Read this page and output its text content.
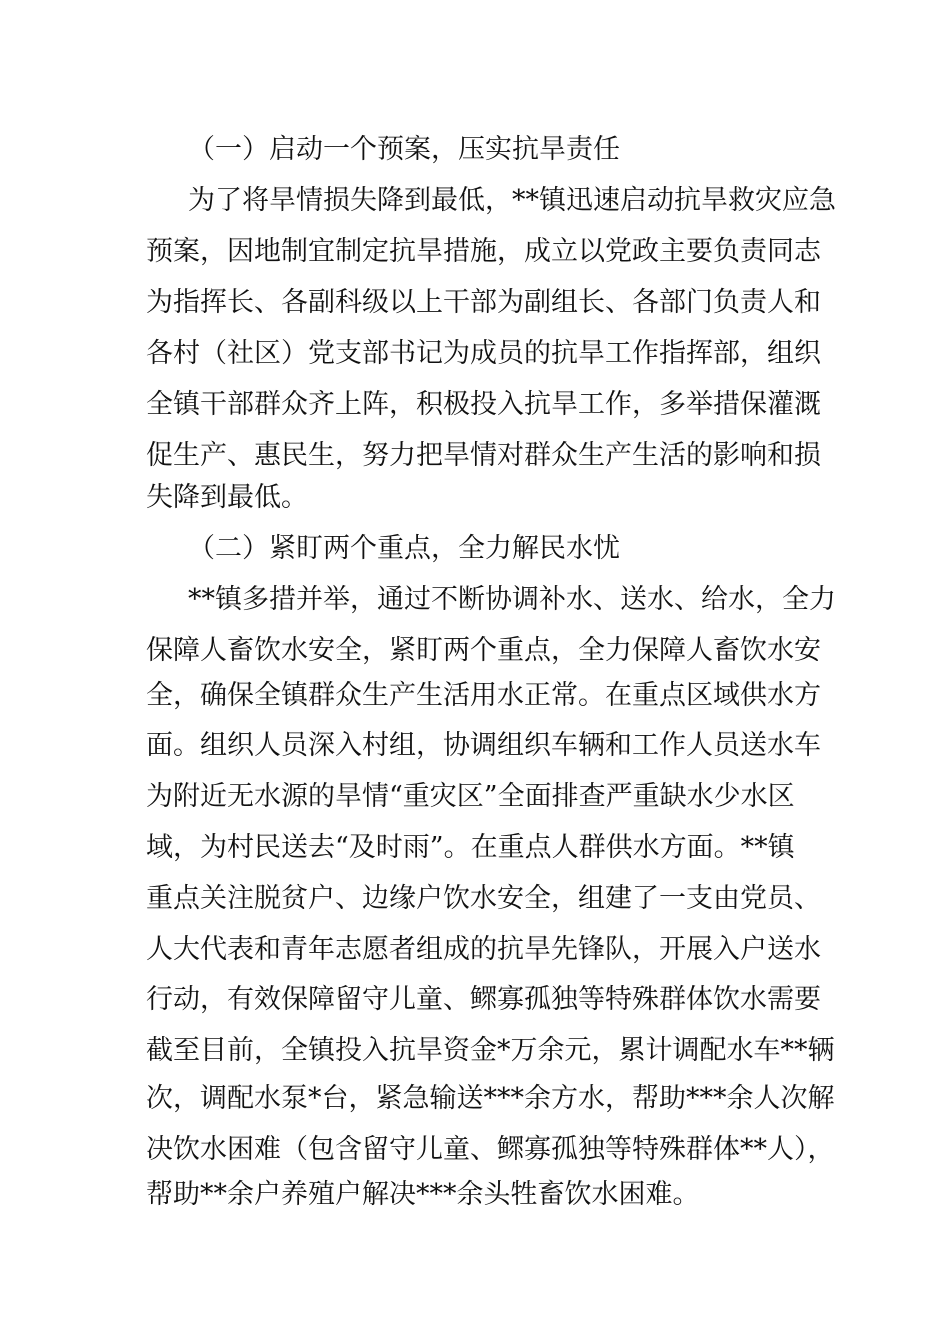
（一）启动一个预案，压实抗旱责任
为了将旱情损失降到最低，**镇迅速启动抗旱救灾应急
预案，因地制宜制定抗旱措施，成立以党政主要负责同志
为指挥长、各副科级以上干部为副组长、各部门负责人和
各村（社区）党支部书记为成员的抗旱工作指挥部，组织
全镇干部群众齐上阵，积极投入抗旱工作，多举措保灌溉
促生产、惠民生，努力把旱情对群众生产生活的影响和损
失降到最低。
（二）紧盯两个重点，全力解民水忧
**镇多措并举，通过不断协调补水、送水、给水，全力
保障人畜饮水安全，紧盯两个重点，全力保障人畜饮水安
全，确保全镇群众生产生活用水正常。在重点区域供水方
面。组织人员深入村组，协调组织车辆和工作人员送水车
为附近无水源的旱情“重灾区”全面排查严重缺水少水区
域，为村民送去“及时雨”。在重点人群供水方面。**镇
重点关注脱贫户、边缘户饮水安全，组建了一支由党员、
人大代表和青年志愿者组成的抗旱先锋队，开展入户送水
行动，有效保障留守儿童、鳏寡孤独等特殊群体饮水需要
截至目前，全镇投入抗旱资金*万余元，累计调配水车**辆
次，调配水泵*台，紧急输送***余方水，帮助***余人次解
决饮水困难（包含留守儿童、鳏寡孤独等特殊群体**人），
帮助**余户养殖户解决***余头牲畜饮水困难。
